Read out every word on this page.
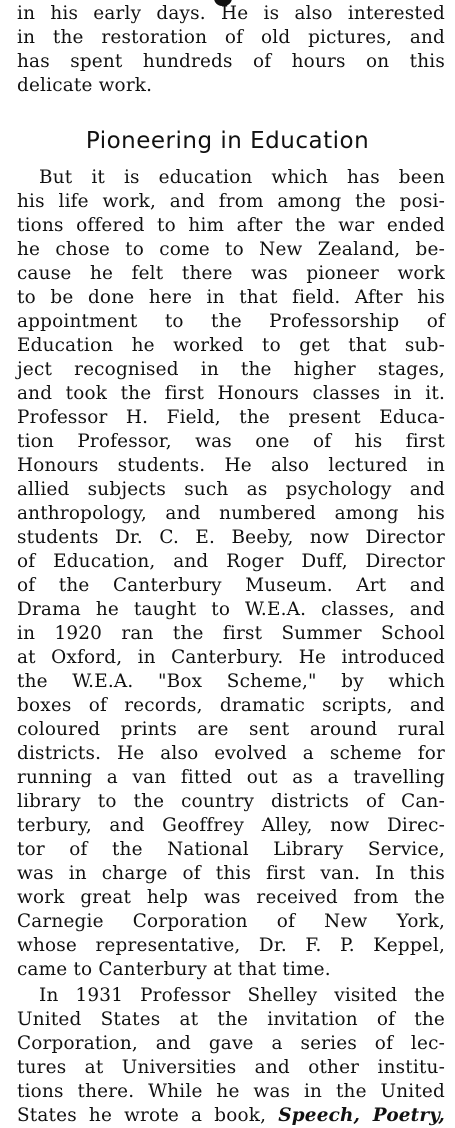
in his early days. He is also interested
in the restoration of old pictures, and
has spent hundreds of hours on this
delicate work.
Pioneering in Education
But it is education which has been
his life work, and from among the posi-
tions offered to him after the war ended
he chose to come to New Zealand, be-
cause he felt there was pioneer work
to be done here in that field. After his
appointment to the Professorship of
Education he worked to get that sub-
ject recognised in the higher stages,
and took the first Honours classes in it.
Professor H. Field, the present Educa-
tion Professor, was one of his first
Honours students. He also lectured in
allied subjects such as psychology and
anthropology, and numbered among his
students Dr. C. E. Beeby, now Director
of Education, and Roger Duff, Director
of the Canterbury Museum. Art and
Drama he taught to W.E.A. classes, and
in 1920 ran the first Summer School
at Oxford, in Canterbury. He introduced
the W.E.A. "Box Scheme," by which
boxes of records, dramatic scripts, and
coloured prints are sent around rural
districts. He also evolved a scheme for
running a van fitted out as a travelling
library to the country districts of Can-
terbury, and Geoffrey Alley, now Direc-
tor of the National Library Service,
was in charge of this first van. In this
work great help was received from the
Carnegie Corporation of New York,
whose representative, Dr. F. P. Keppel,
came to Canterbury at that time.
In 1931 Professor Shelley visited the
United States at the invitation of the
Corporation, and gave a series of lec-
tures at Universities and other institu-
tions there. While he was in the United
States he wrote a book, Speech, Poetry,
